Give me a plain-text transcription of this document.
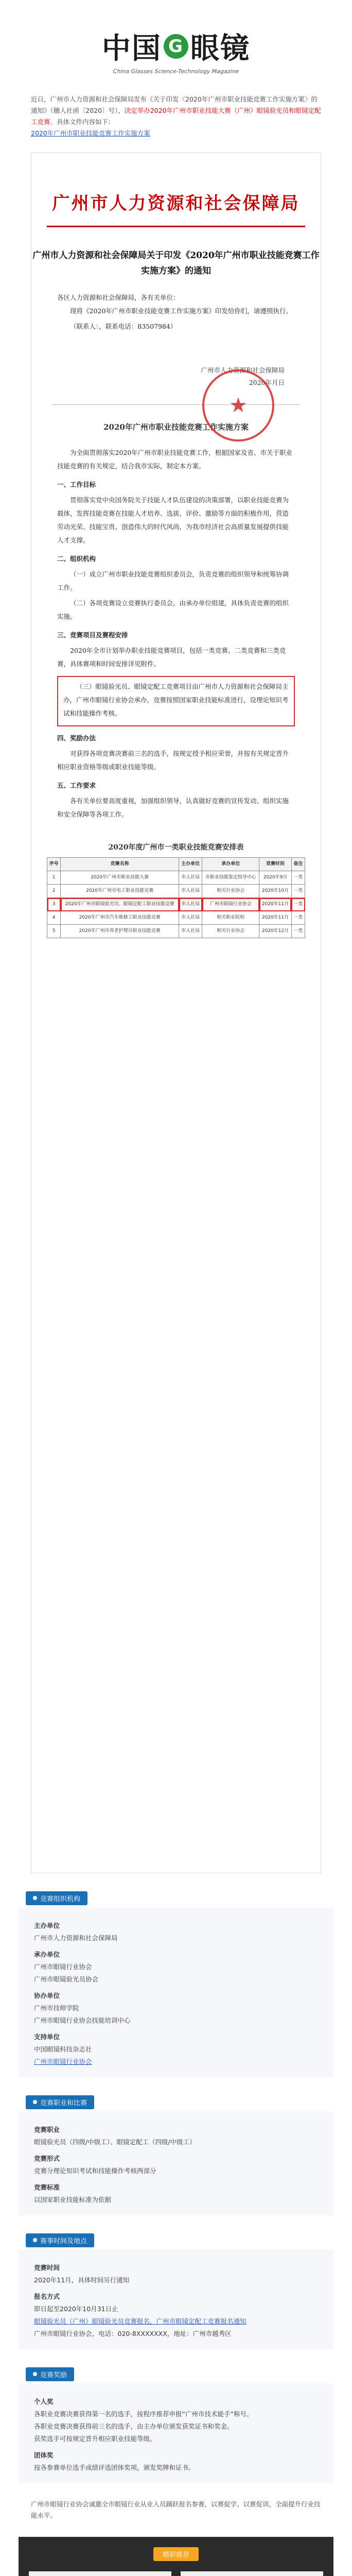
中国 G 眼镜
China Glasses Science-Technology Magazine
近日，广州市人力资源和社会保障局发布《关于印发〈2020年广州市职业技能竞赛工作实施方案〉的通知》（穗人社函〔2020〕号），决定举办2020年广州市职业技能大赛（广州）眼镜验光员和眼镜定配工竞赛。具体文件内容如下：
2020年广州市职业技能竞赛工作实施方案
广州市人力资源和社会保障局
广州市人力资源和社会保障局关于印发《2020年广州市职业技能竞赛工作实施方案》的通知
★
各区人力资源和社会保障局，各有关单位：

现将《2020年广州市职业技能竞赛工作实施方案》印发给你们，请遵照执行。

（联系人：，联系电话：83507984）

广州市人力资源和社会保障局
2020年月日
2020年广州市职业技能竞赛工作实施方案

为全面贯彻落实2020年广州市职业技能竞赛工作，根据国家及省、市关于职业技能竞赛的有关规定，结合我市实际，制定本方案。

一、工作目标

贯彻落实党中央国务院关于技能人才队伍建设的决策部署，以职业技能竞赛为载体，发挥技能竞赛在技能人才培养、选拔、评价、激励等方面的积极作用，营造劳动光荣、技能宝贵、创造伟大的时代风尚，为我市经济社会高质量发展提供技能人才支撑。

二、组织机构

（一）成立广州市职业技能竞赛组织委员会，负责竞赛的组织领导和统筹协调工作。

（二）各项竞赛设立竞赛执行委员会，由承办单位组建，具体负责竞赛的组织实施。

三、竞赛项目及赛程安排

2020年全市计划举办职业技能竞赛项目，包括一类竞赛、二类竞赛和三类竞赛，具体赛项和时间安排详见附件。

（三）眼镜验光员、眼镜定配工竞赛项目由广州市人力资源和社会保障局主办，广州市眼镜行业协会承办，竞赛按照国家职业技能标准进行，设理论知识考试和技能操作考核。

四、奖励办法

对获得各项竞赛决赛前三名的选手，按规定授予相应荣誉，并按有关规定晋升相应职业资格等级或职业技能等级。

五、工作要求

各有关单位要高度重视，加强组织领导，认真做好竞赛的宣传发动、组织实施和安全保障等各项工作。

2020年度广州市一类职业技能竞赛安排表
序号	竞赛名称	主办单位	承办单位	竞赛时间	备注
1	2020年广州市职业技能大赛	市人社局	市职业技能鉴定指导中心	2020年9月	一类
2	2020年广州市电工职业技能竞赛	市人社局	相关行业协会	2020年10月	一类
3	2020年广州市眼镜验光员、眼镜定配工职业技能竞赛	市人社局	广州市眼镜行业协会	2020年11月	一类
4	2020年广州市汽车维修工职业技能竞赛	市人社局	相关职业院校	2020年11月	一类
5	2020年广州市养老护理员职业技能竞赛	市人社局	相关行业协会	2020年12月	一类
竞赛组织机构
主办单位
广州市人力资源和社会保障局
承办单位
广州市眼镜行业协会
广州市眼镜验光员协会
协办单位
广州市技师学院
广州市眼镜行业协会技能培训中心
支持单位
中国眼镜科技杂志社
广州市眼镜行业协会
竞赛职业和比赛
竞赛职业
眼镜验光员（四级/中级工）、眼镜定配工（四级/中级工）
竞赛形式
竞赛分理论知识考试和技能操作考核两部分
竞赛标准
以国家职业技能标准为依据
赛事时间及地点
竞赛时间
2020年11月，具体时间另行通知
报名方式
即日起至2020年10月31日止
眼镜验光员（广州）眼镜验光员竞赛报名，广州市眼镜定配工竞赛报名通知
广州市眼镜行业协会，电话：020-8XXXXXXX，地址：广州市越秀区
竞赛奖励
个人奖
各职业竞赛决赛获得第一名的选手，按程序推荐申报“广州市技术能手”称号。
各职业竞赛决赛获得前三名的选手，由主办单位颁发获奖证书和奖金。
获奖选手可按规定晋升相应职业技能等级。
团体奖
按各参赛单位选手成绩评选团体奖项，颁发奖牌和证书。
广州市眼镜行业协会诚邀全市眼镜行业从业人员踊跃报名参赛，以赛促学、以赛促训，全面提升行业技能水平。
精彩推荐
